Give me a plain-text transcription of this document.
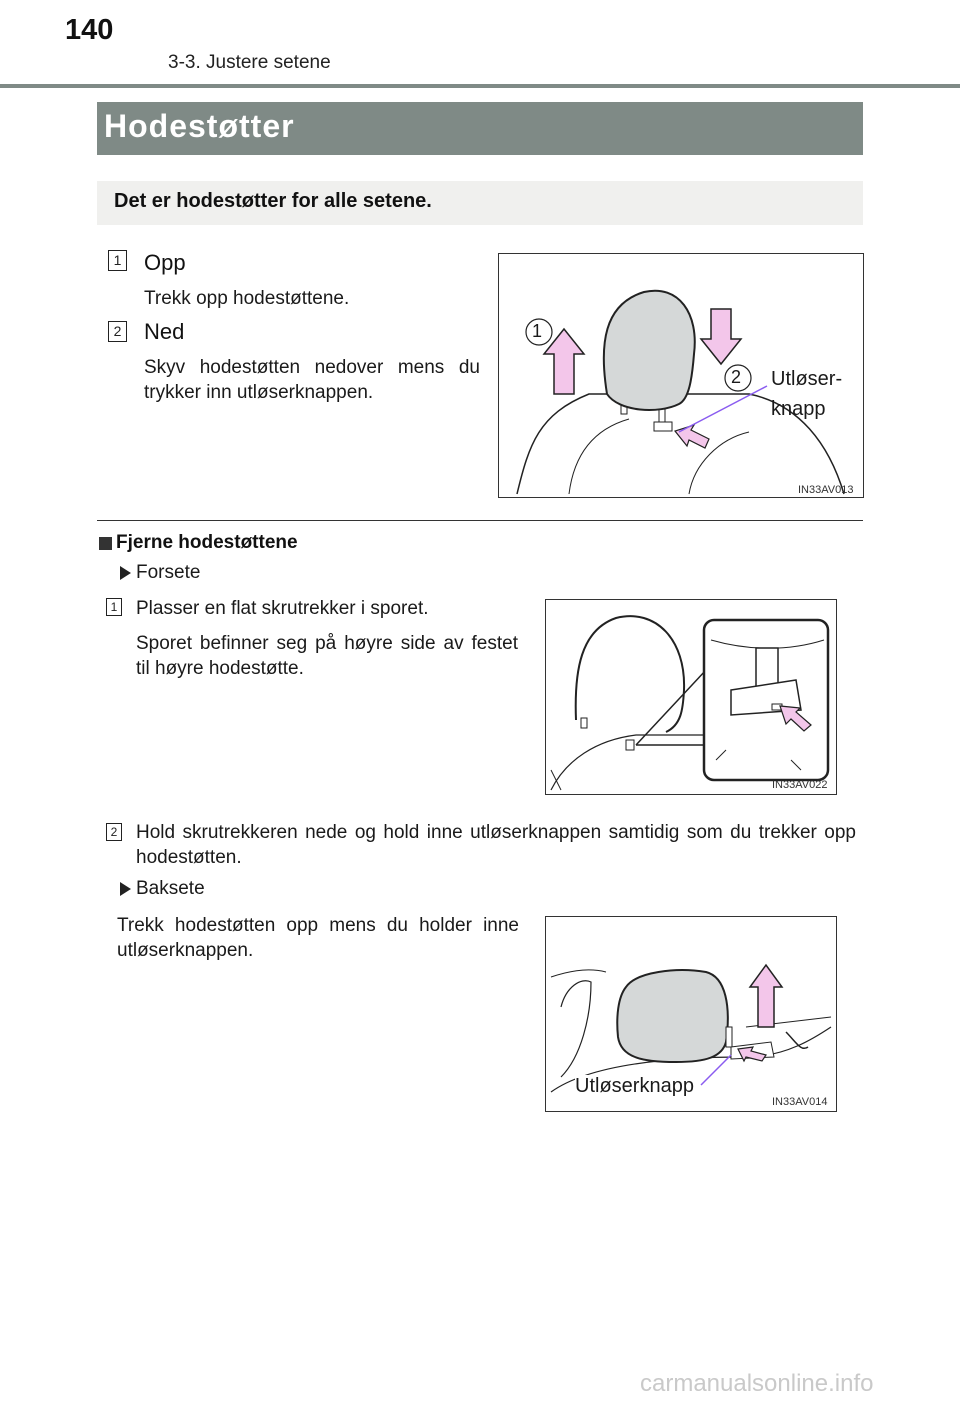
140
3-3. Justere setene
Hodestøtter
Det er hodestøtter for alle setene.
1 Opp
Trekk opp hodestøttene.
2 Ned
Skyv hodestøtten nedover mens du trykker inn utløserknappen.
1
2 Utløser-
knapp
IN33AV013
Fjerne hodestøttene
Forsete
1 Plasser en flat skrutrekker i sporet.
Sporet befinner seg på høyre side av festet til høyre hodestøtte.
IN33AV022
2 Hold skrutrekkeren nede og hold inne utløserknappen samtidig som du trekker opp hodestøtten.
Baksete
Trekk hodestøtten opp mens du holder inne utløserknappen.
Utløserknapp
IN33AV014
carmanualsonline.info
